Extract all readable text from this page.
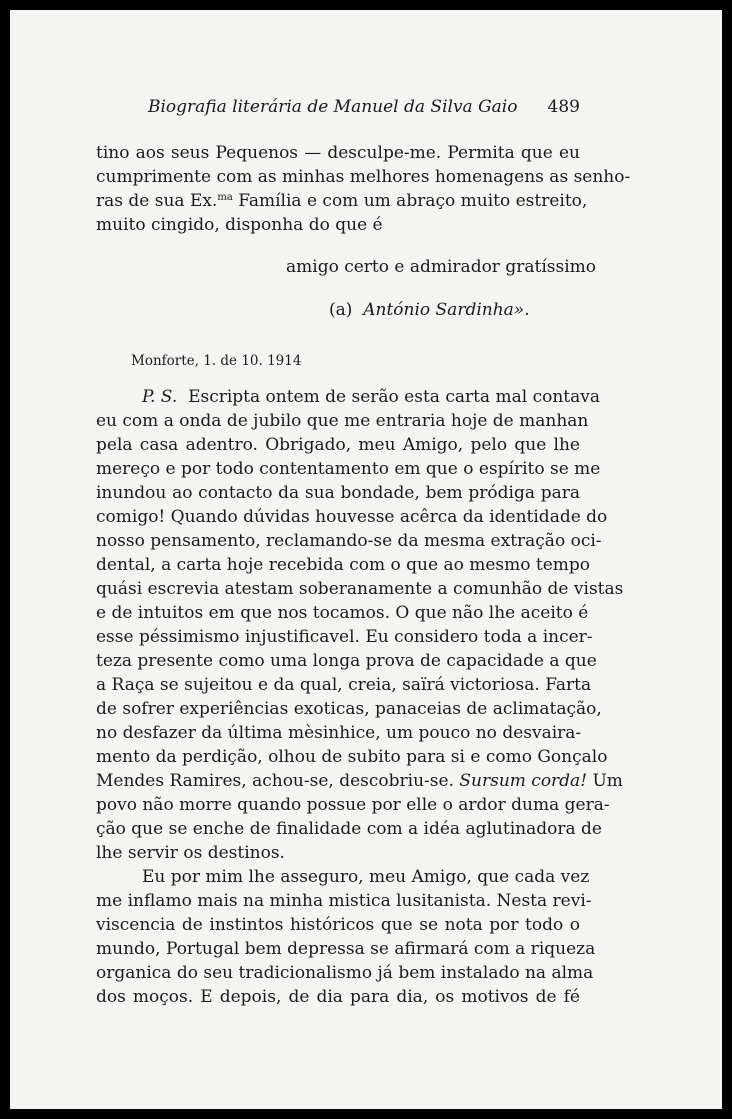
Biografia literária de Manuel da Silva Gaio 489
tino aos seus Pequenos — desculpe-me. Permita que eu
cumprimente com as minhas melhores homenagens as senho-
ras de sua Ex.$^{ma}$ Família e com um abraço muito estreito,
muito cingido, disponha do que é
amigo certo e admirador gratíssimo
(a) António Sardinha».
Monforte, 1. de 10. 1914
P. S. Escripta ontem de serão esta carta mal contava
eu com a onda de jubilo que me entraria hoje de manhan
pela casa adentro. Obrigado, meu Amigo, pelo que lhe
mereço e por todo contentamento em que o espírito se me
inundou ao contacto da sua bondade, bem pródiga para
comigo! Quando dúvidas houvesse acêrca da identidade do
nosso pensamento, reclamando-se da mesma extração oci-
dental, a carta hoje recebida com o que ao mesmo tempo
quási escrevia atestam soberanamente a comunhão de vistas
e de intuitos em que nos tocamos. O que não lhe aceito é
esse péssimismo injustificavel. Eu considero toda a incer-
teza presente como uma longa prova de capacidade a que
a Raça se sujeitou e da qual, creia, saïrá victoriosa. Farta
de sofrer experiências exoticas, panaceias de aclimatação,
no desfazer da última mèsinhice, um pouco no desvaira-
mento da perdição, olhou de subito para si e como Gonçalo
Mendes Ramires, achou-se, descobriu-se. Sursum corda! Um
povo não morre quando possue por elle o ardor duma gera-
ção que se enche de finalidade com a idéa aglutinadora de
lhe servir os destinos.
Eu por mim lhe asseguro, meu Amigo, que cada vez
me inflamo mais na minha mistica lusitanista. Nesta revi-
viscencia de instintos históricos que se nota por todo o
mundo, Portugal bem depressa se afirmará com a riqueza
organica do seu tradicionalismo já bem instalado na alma
dos moços. E depois, de dia para dia, os motivos de fé
